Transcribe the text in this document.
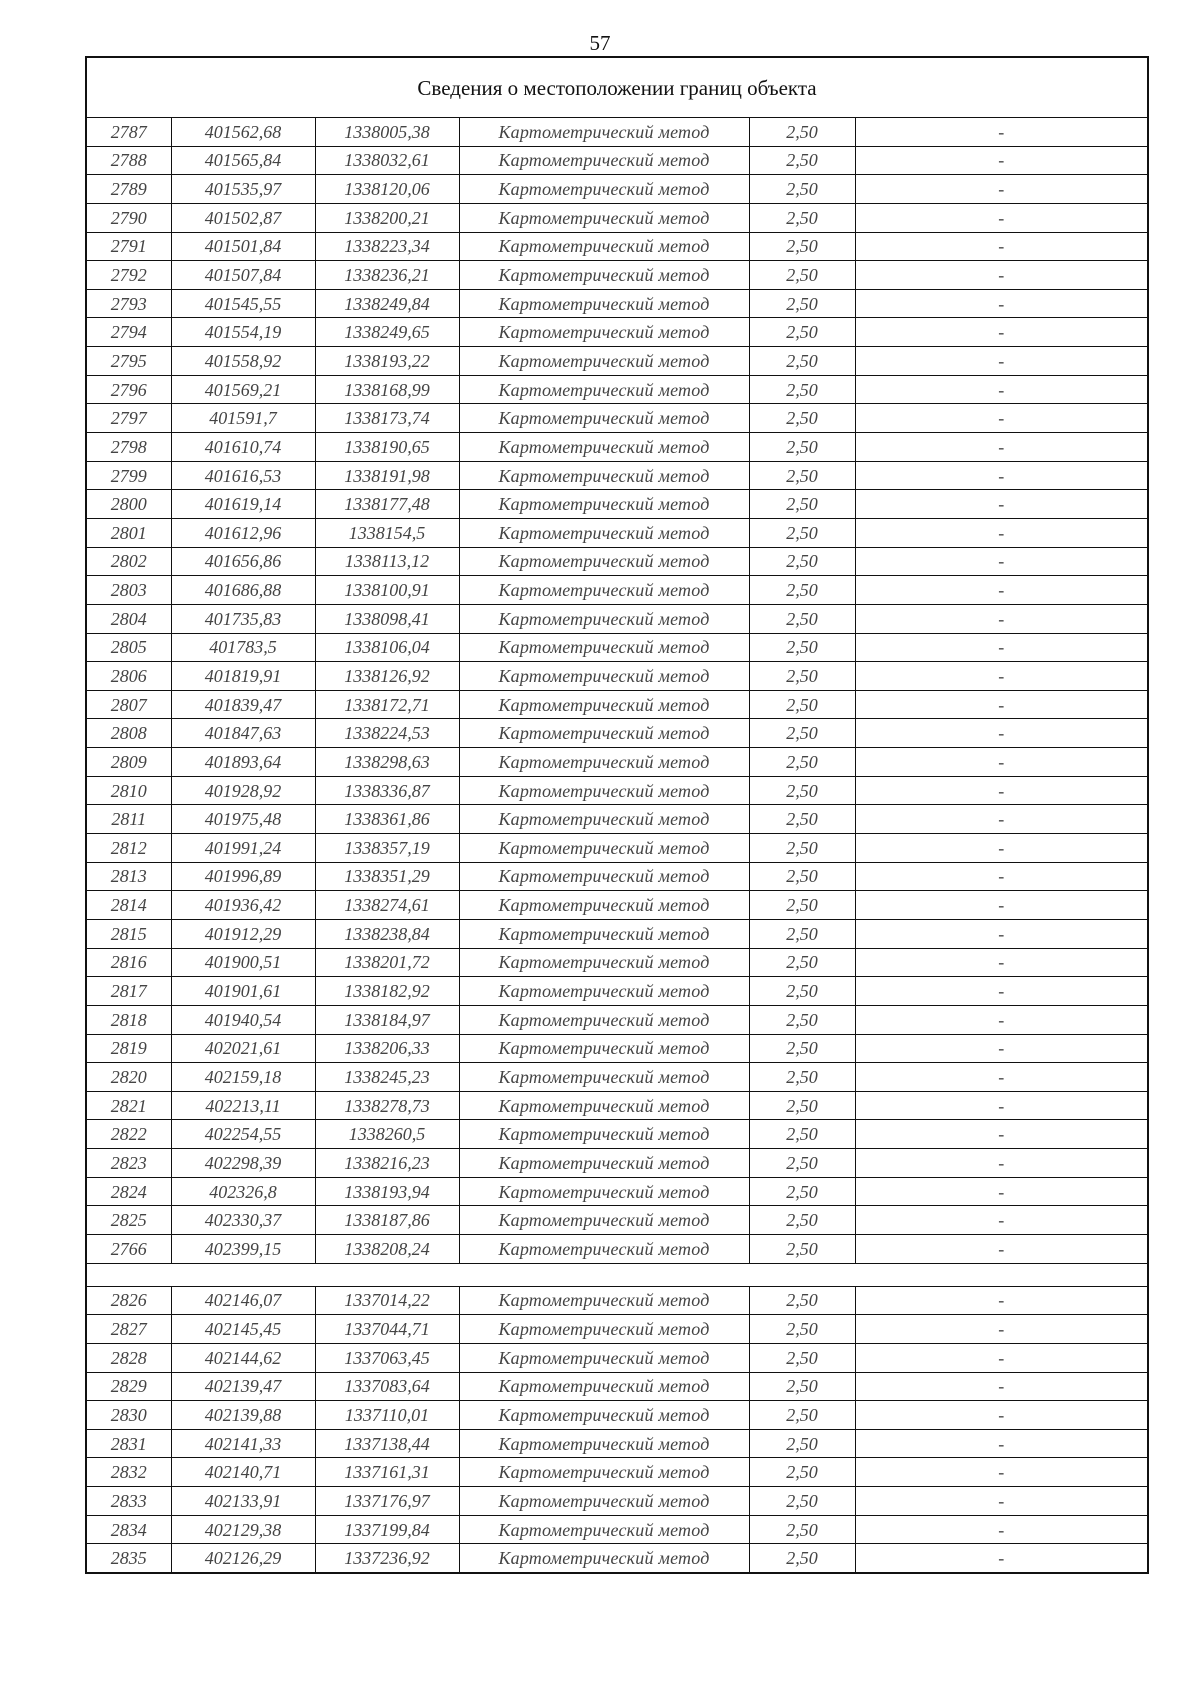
57
Сведения о местоположении границ объекта					
2787	401562,68	1338005,38	Картометрический метод	2,50	-
2788	401565,84	1338032,61	Картометрический метод	2,50	-
2789	401535,97	1338120,06	Картометрический метод	2,50	-
2790	401502,87	1338200,21	Картометрический метод	2,50	-
2791	401501,84	1338223,34	Картометрический метод	2,50	-
2792	401507,84	1338236,21	Картометрический метод	2,50	-
2793	401545,55	1338249,84	Картометрический метод	2,50	-
2794	401554,19	1338249,65	Картометрический метод	2,50	-
2795	401558,92	1338193,22	Картометрический метод	2,50	-
2796	401569,21	1338168,99	Картометрический метод	2,50	-
2797	401591,7	1338173,74	Картометрический метод	2,50	-
2798	401610,74	1338190,65	Картометрический метод	2,50	-
2799	401616,53	1338191,98	Картометрический метод	2,50	-
2800	401619,14	1338177,48	Картометрический метод	2,50	-
2801	401612,96	1338154,5	Картометрический метод	2,50	-
2802	401656,86	1338113,12	Картометрический метод	2,50	-
2803	401686,88	1338100,91	Картометрический метод	2,50	-
2804	401735,83	1338098,41	Картометрический метод	2,50	-
2805	401783,5	1338106,04	Картометрический метод	2,50	-
2806	401819,91	1338126,92	Картометрический метод	2,50	-
2807	401839,47	1338172,71	Картометрический метод	2,50	-
2808	401847,63	1338224,53	Картометрический метод	2,50	-
2809	401893,64	1338298,63	Картометрический метод	2,50	-
2810	401928,92	1338336,87	Картометрический метод	2,50	-
2811	401975,48	1338361,86	Картометрический метод	2,50	-
2812	401991,24	1338357,19	Картометрический метод	2,50	-
2813	401996,89	1338351,29	Картометрический метод	2,50	-
2814	401936,42	1338274,61	Картометрический метод	2,50	-
2815	401912,29	1338238,84	Картометрический метод	2,50	-
2816	401900,51	1338201,72	Картометрический метод	2,50	-
2817	401901,61	1338182,92	Картометрический метод	2,50	-
2818	401940,54	1338184,97	Картометрический метод	2,50	-
2819	402021,61	1338206,33	Картометрический метод	2,50	-
2820	402159,18	1338245,23	Картометрический метод	2,50	-
2821	402213,11	1338278,73	Картометрический метод	2,50	-
2822	402254,55	1338260,5	Картометрический метод	2,50	-
2823	402298,39	1338216,23	Картометрический метод	2,50	-
2824	402326,8	1338193,94	Картометрический метод	2,50	-
2825	402330,37	1338187,86	Картометрический метод	2,50	-
2766	402399,15	1338208,24	Картометрический метод	2,50	-

2826	402146,07	1337014,22	Картометрический метод	2,50	-
2827	402145,45	1337044,71	Картометрический метод	2,50	-
2828	402144,62	1337063,45	Картометрический метод	2,50	-
2829	402139,47	1337083,64	Картометрический метод	2,50	-
2830	402139,88	1337110,01	Картометрический метод	2,50	-
2831	402141,33	1337138,44	Картометрический метод	2,50	-
2832	402140,71	1337161,31	Картометрический метод	2,50	-
2833	402133,91	1337176,97	Картометрический метод	2,50	-
2834	402129,38	1337199,84	Картометрический метод	2,50	-
2835	402126,29	1337236,92	Картометрический метод	2,50	-
